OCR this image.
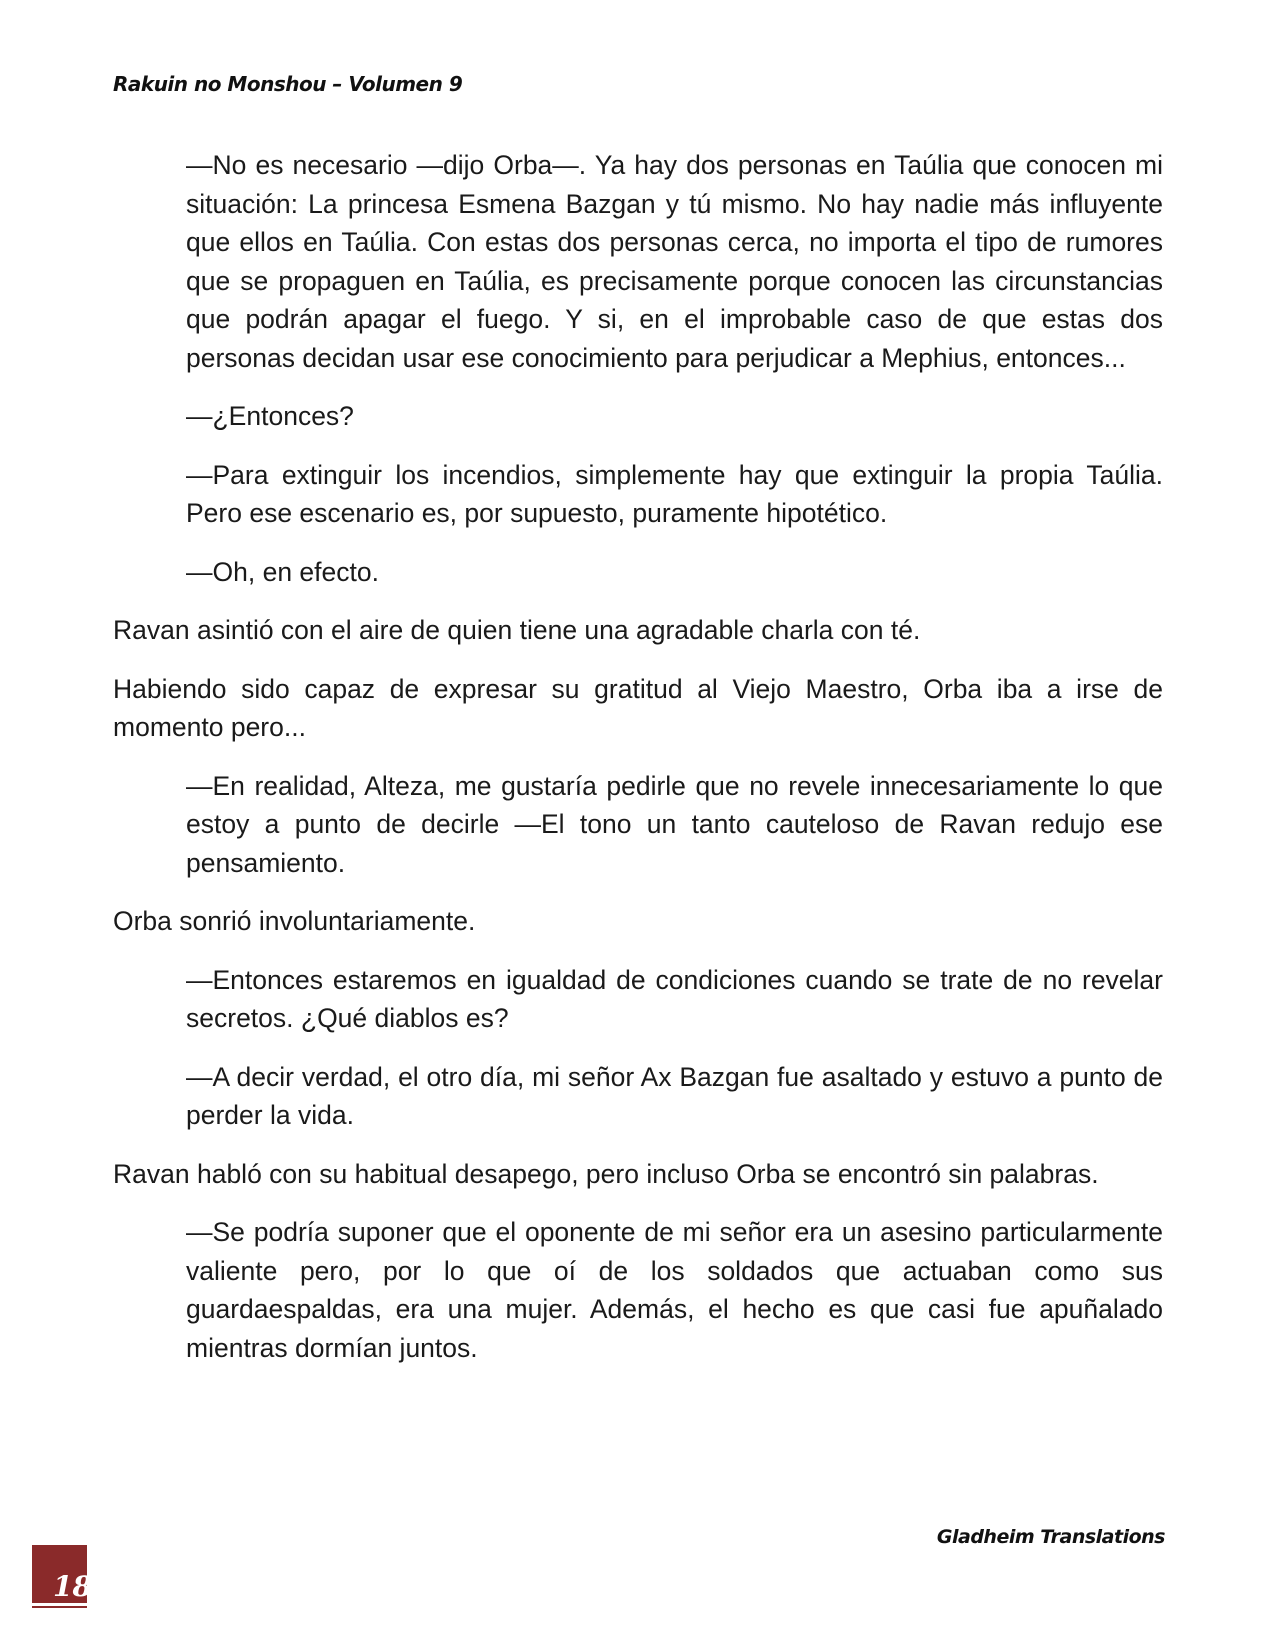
Rakuin no Monshou – Volumen 9

—No es necesario —dijo Orba—. Ya hay dos personas en Taúlia que conocen mi situación: La princesa Esmena Bazgan y tú mismo. No hay nadie más influyente que ellos en Taúlia. Con estas dos personas cerca, no importa el tipo de rumores que se propaguen en Taúlia, es precisamente porque conocen las circunstancias que podrán apagar el fuego. Y si, en el improbable caso de que estas dos personas decidan usar ese conocimiento para perjudicar a Mephius, entonces...

—¿Entonces?

—Para extinguir los incendios, simplemente hay que extinguir la propia Taúlia. Pero ese escenario es, por supuesto, puramente hipotético.

—Oh, en efecto.

Ravan asintió con el aire de quien tiene una agradable charla con té.

Habiendo sido capaz de expresar su gratitud al Viejo Maestro, Orba iba a irse de momento pero...

—En realidad, Alteza, me gustaría pedirle que no revele innecesariamente lo que estoy a punto de decirle —El tono un tanto cauteloso de Ravan redujo ese pensamiento.

Orba sonrió involuntariamente.

—Entonces estaremos en igualdad de condiciones cuando se trate de no revelar secretos. ¿Qué diablos es?

—A decir verdad, el otro día, mi señor Ax Bazgan fue asaltado y estuvo a punto de perder la vida.

Ravan habló con su habitual desapego, pero incluso Orba se encontró sin palabras.

—Se podría suponer que el oponente de mi señor era un asesino particularmente valiente pero, por lo que oí de los soldados que actuaban como sus guardaespaldas, era una mujer. Además, el hecho es que casi fue apuñalado mientras dormían juntos.

Gladheim Translations
18
